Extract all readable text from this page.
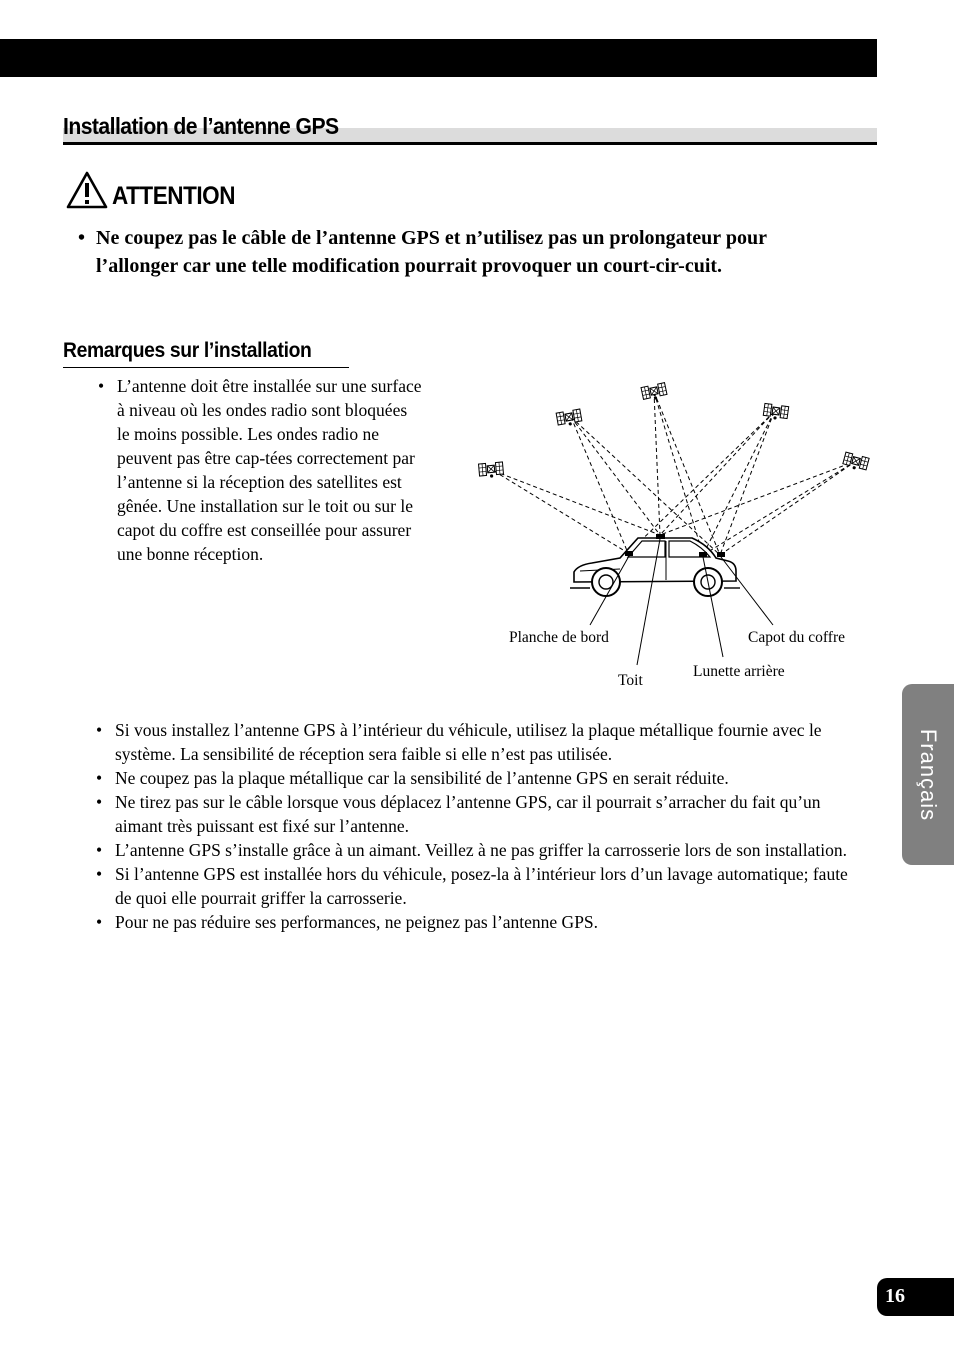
Installation de l’antenne GPS
ATTENTION
• Ne coupez pas le câble de l’antenne GPS et n’utilisez pas un prolongateur pour l’allonger car une telle modification pourrait provoquer un court-cir-cuit.
Remarques sur l’installation
• L’antenne doit être installée sur une surface à niveau où les ondes radio sont bloquées le moins possible. Les ondes radio ne peuvent pas être cap-tées correctement par l’antenne si la réception des satellites est gênée. Une installation sur le toit ou sur le capot du coffre est conseillée pour assurer une bonne réception.
Planche de bord	Capot du coffre
Toit
Lunette arrière
• Si vous installez l’antenne GPS à l’intérieur du véhicule, utilisez la plaque métallique fournie avec le système. La sensibilité de réception sera faible si elle n’est pas utilisée.
• Ne coupez pas la plaque métallique car la sensibilité de l’antenne GPS en serait réduite.
• Ne tirez pas sur le câble lorsque vous déplacez l’antenne GPS, car il pourrait s’arracher du fait qu’un aimant très puissant est fixé sur l’antenne.
• L’antenne GPS s’installe grâce à un aimant. Veillez à ne pas griffer la carrosserie lors de son installation.
• Si l’antenne GPS est installée hors du véhicule, posez-la à l’intérieur lors d’un lavage automatique; faute de quoi elle pourrait griffer la carrosserie.
• Pour ne pas réduire ses performances, ne peignez pas l’antenne GPS.
Français
16
